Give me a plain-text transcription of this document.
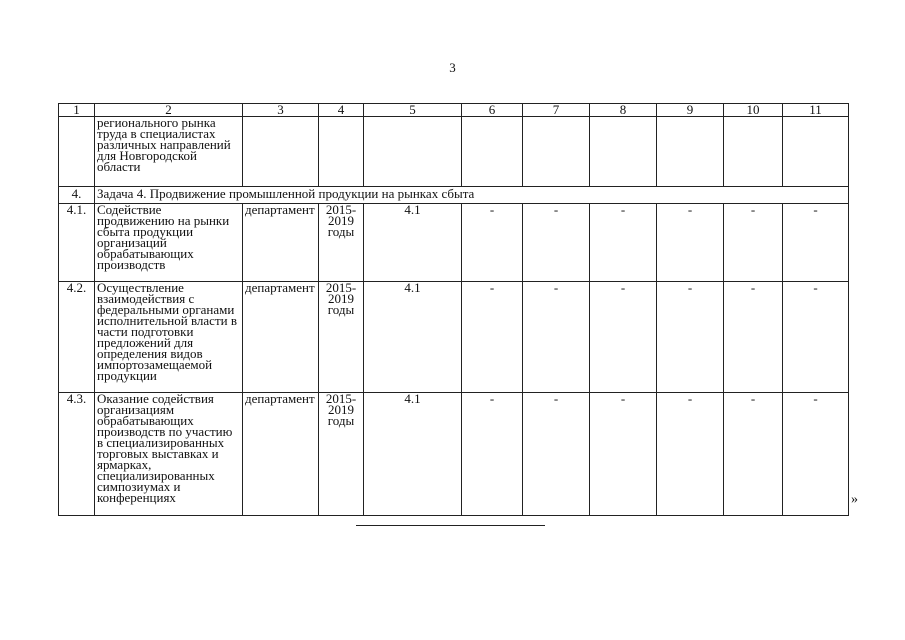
3
1	2	3	4	5	6	7	8	9	10	11
	регионального рынка труда в специалистах различных направлений для Новгородской области									
4.	Задача 4. Продвижение промышленной продукции на рынках сбыта									
4.1.	Содействие продвижению на рынки сбыта продукции организаций обрабатывающих производств	департамент	2015-2019 годы	4.1	-	-	-	-	-	-
4.2.	Осуществление взаимодействия с федеральными органами исполнительной власти в части подготовки предложений для определения видов импортозамещаемой продукции	департамент	2015-2019 годы	4.1	-	-	-	-	-	-
4.3.	Оказание содействия организациям обрабатывающих производств по участию в специализированных торговых выставках и ярмарках, специализированных симпозиумах и конференциях	департамент	2015-2019 годы	4.1	-	-	-	-	-	-
»
